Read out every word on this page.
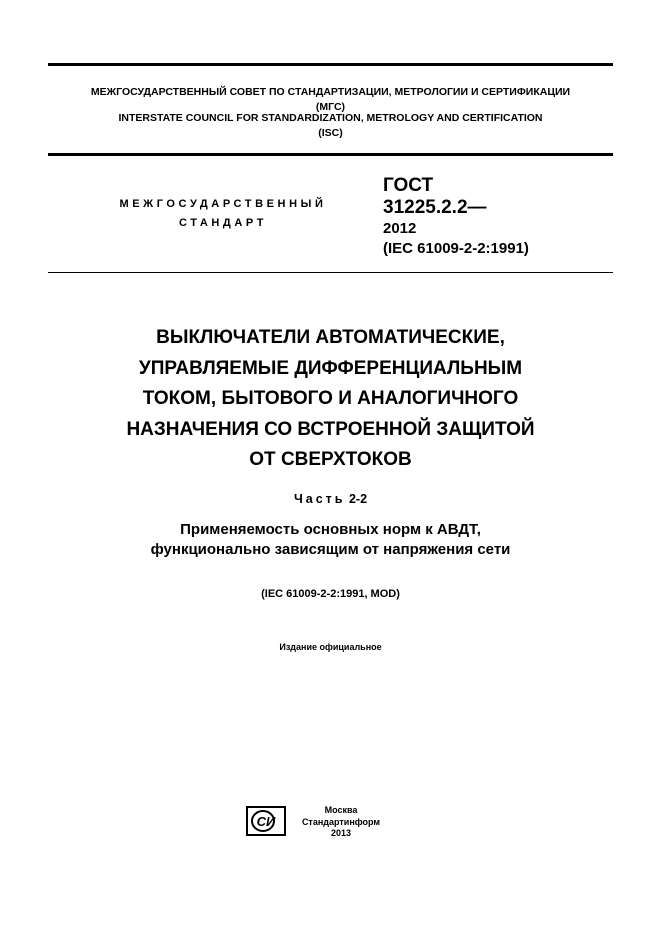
МЕЖГОСУДАРСТВЕННЫЙ СОВЕТ ПО СТАНДАРТИЗАЦИИ, МЕТРОЛОГИИ И СЕРТИФИКАЦИИ
(МГС)
INTERSTATE COUNCIL FOR STANDARDIZATION, METROLOGY AND CERTIFICATION
(ISC)
МЕЖГОСУДАРСТВЕННЫЙ
СТАНДАРТ
ГОСТ
31225.2.2—
2012
(IEC 61009-2-2:1991)
ВЫКЛЮЧАТЕЛИ АВТОМАТИЧЕСКИЕ,
УПРАВЛЯЕМЫЕ ДИФФЕРЕНЦИАЛЬНЫМ
ТОКОМ, БЫТОВОГО И АНАЛОГИЧНОГО
НАЗНАЧЕНИЯ СО ВСТРОЕННОЙ ЗАЩИТОЙ
ОТ СВЕРХТОКОВ
Часть 2-2
Применяемость основных норм к АВДТ,
функционально зависящим от напряжения сети
(IEC 61009-2-2:1991, MOD)
Издание официальное
СИ
Москва
Стандартинформ
2013
